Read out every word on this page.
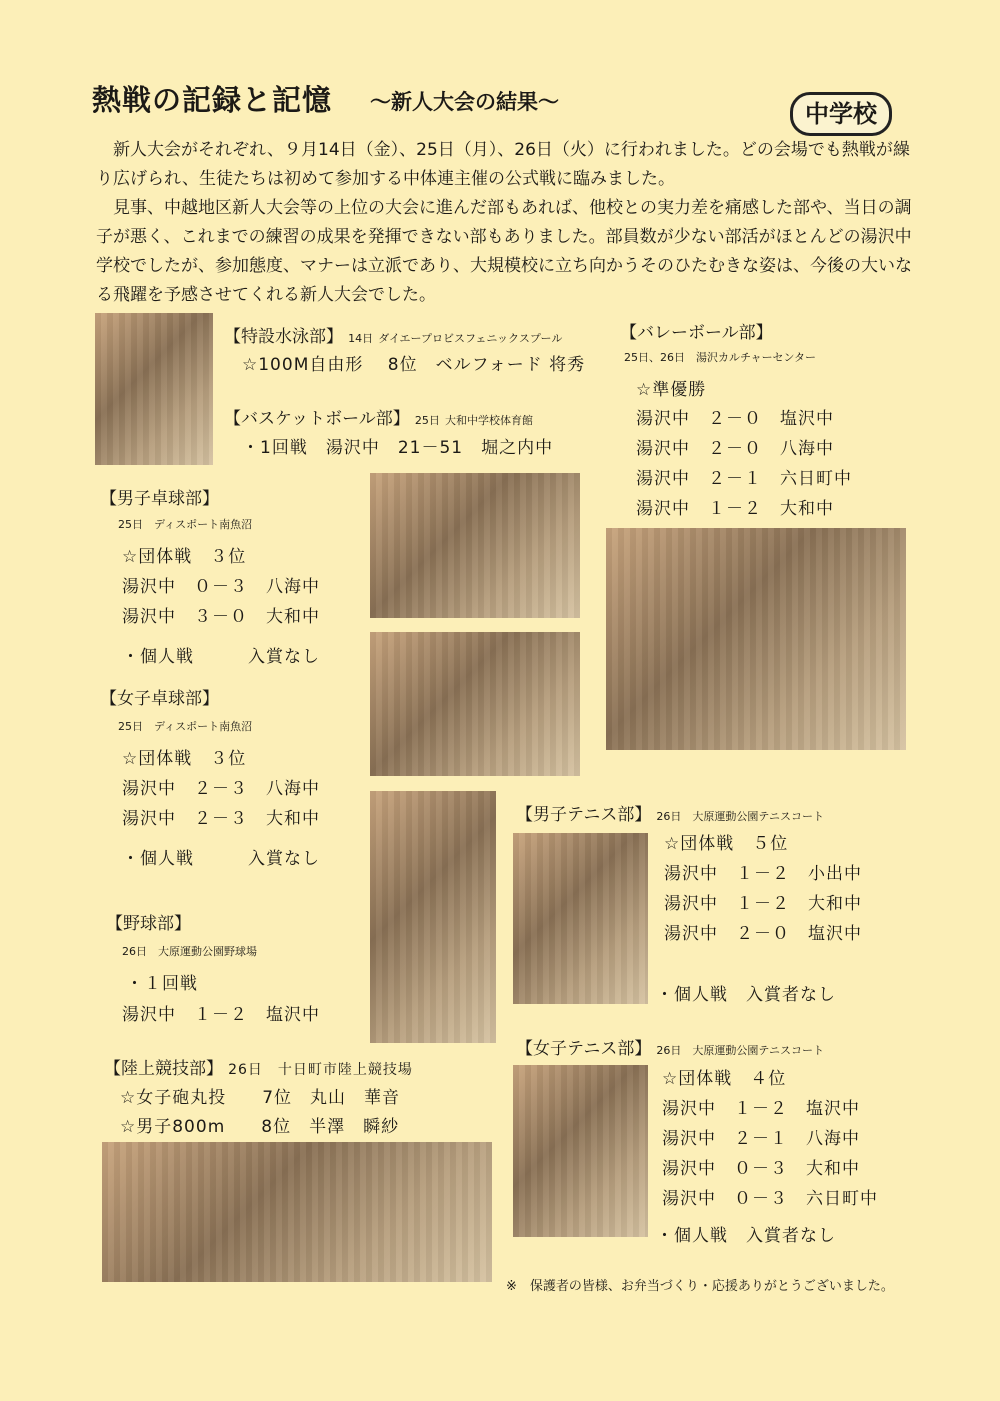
熱戦の記録と記憶 ～新人大会の結果～	中学校

新人大会がそれぞれ、９月14日（金）、25日（月）、26日（火）に行われました。どの会場でも熱戦が繰り広げられ、生徒たちは初めて参加する中体連主催の公式戦に臨みました。

見事、中越地区新人大会等の上位の大会に進んだ部もあれば、他校との実力差を痛感した部や、当日の調子が悪く、これまでの練習の成果を発揮できない部もありました。部員数が少ない部活がほとんどの湯沢中学校でしたが、参加態度、マナーは立派であり、大規模校に立ち向かうそのひたむきな姿は、今後の大いなる飛躍を予感させてくれる新人大会でした。

【特設水泳部】 14日 ダイエープロビスフェニックスプール
☆100M自由形　 8位　ベルフォード 将秀
【バスケットボール部】 25日 大和中学校体育館
・1回戦　湯沢中　21－51　堀之内中
【バレーボール部】
25日、26日　湯沢カルチャーセンター
☆準優勝
湯沢中　２－０　塩沢中
湯沢中　２－０　八海中
湯沢中　２－１　六日町中
湯沢中　１－２　大和中
【男子卓球部】
25日　ディスポート南魚沼
☆団体戦　３位
湯沢中　０－３　八海中
湯沢中　３－０　大和中
・個人戦　　　入賞なし
【女子卓球部】
25日　ディスポート南魚沼
☆団体戦　３位
湯沢中　２－３　八海中
湯沢中　２－３　大和中
・個人戦　　　入賞なし
【野球部】
26日　大原運動公園野球場
・１回戦
湯沢中　１－２　塩沢中
【男子テニス部】 26日　大原運動公園テニスコート
☆団体戦　５位
湯沢中　１－２　小出中
湯沢中　１－２　大和中
湯沢中　２－０　塩沢中
・個人戦　入賞者なし
【女子テニス部】 26日　大原運動公園テニスコート
☆団体戦　４位
湯沢中　１－２　塩沢中
湯沢中　２－１　八海中
湯沢中　０－３　大和中
湯沢中　０－３　六日町中
・個人戦　入賞者なし
【陸上競技部】 26日　十日町市陸上競技場
☆女子砲丸投　　7位　丸山　華音
☆男子800m　　8位　半澤　瞬紗
※　保護者の皆様、お弁当づくり・応援ありがとうございました。
